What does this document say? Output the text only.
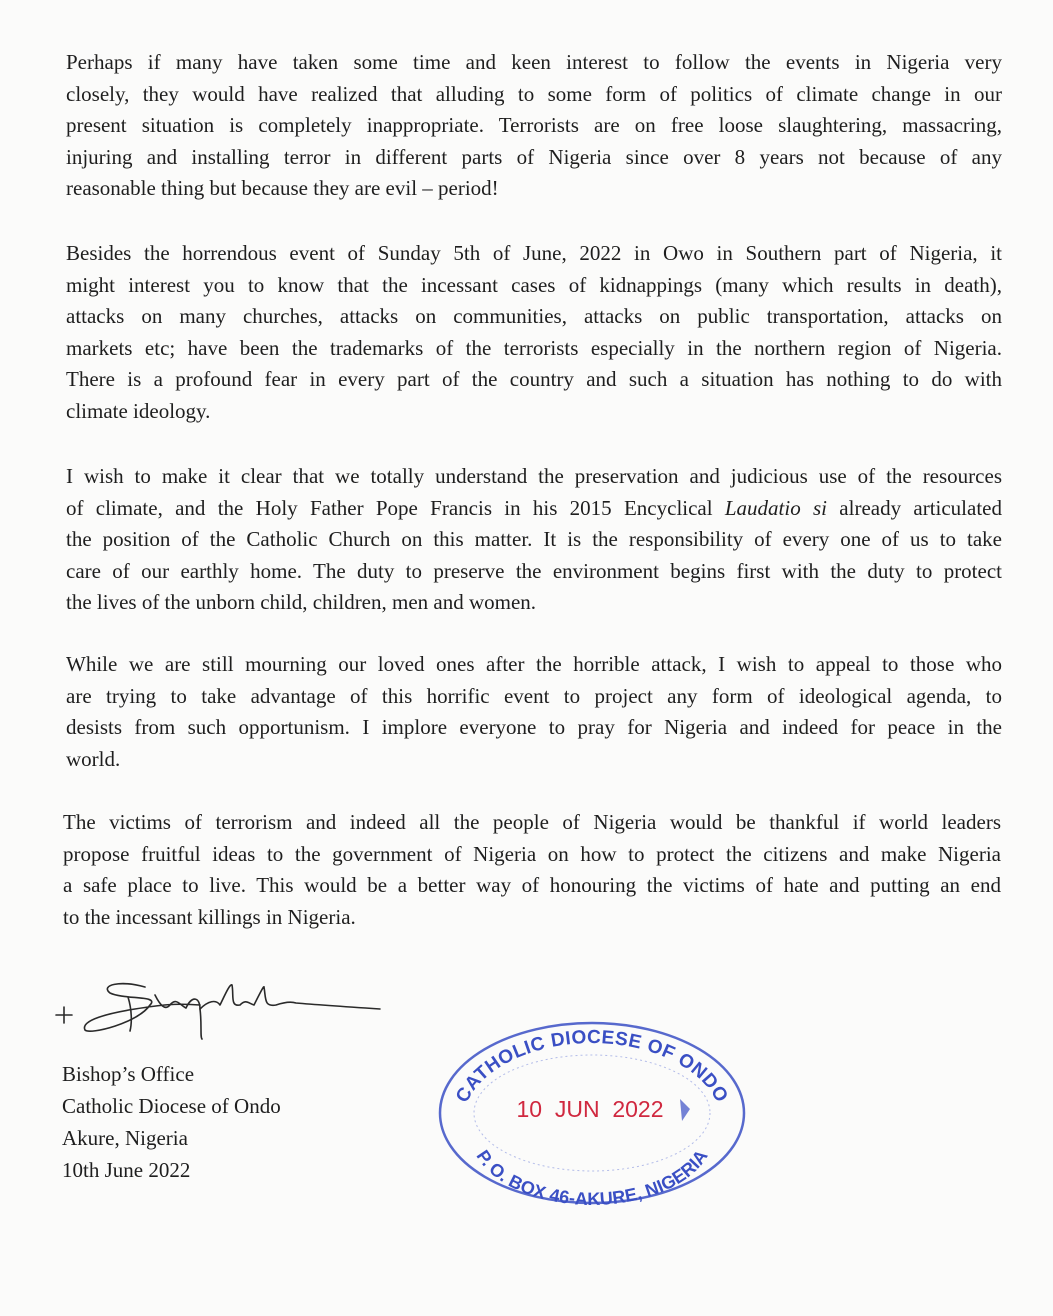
Perhaps if many have taken some time and keen interest to follow the events in Nigeria very
closely, they would have realized that alluding to some form of politics of climate change in our
present situation is completely inappropriate. Terrorists are on free loose slaughtering, massacring,
injuring and installing terror in different parts of Nigeria since over 8 years not because of any
reasonable thing but because they are evil – period!
Besides the horrendous event of Sunday 5th of June, 2022 in Owo in Southern part of Nigeria, it
might interest you to know that the incessant cases of kidnappings (many which results in death),
attacks on many churches, attacks on communities, attacks on public transportation, attacks on
markets etc; have been the trademarks of the terrorists especially in the northern region of Nigeria.
There is a profound fear in every part of the country and such a situation has nothing to do with
climate ideology.
I wish to make it clear that we totally understand the preservation and judicious use of the resources
of climate, and the Holy Father Pope Francis in his 2015 Encyclical Laudatio si already articulated
the position of the Catholic Church on this matter. It is the responsibility of every one of us to take
care of our earthly home. The duty to preserve the environment begins first with the duty to protect
the lives of the unborn child, children, men and women.
While we are still mourning our loved ones after the horrible attack, I wish to appeal to those who
are trying to take advantage of this horrific event to project any form of ideological agenda, to
desists from such opportunism. I implore everyone to pray for Nigeria and indeed for peace in the
world.
The victims of terrorism and indeed all the people of Nigeria would be thankful if world leaders
propose fruitful ideas to the government of Nigeria on how to protect the citizens and make Nigeria
a safe place to live. This would be a better way of honouring the victims of hate and putting an end
to the incessant killings in Nigeria.
Bishop’s Office
Catholic Diocese of Ondo
Akure, Nigeria
10th June 2022
CATHOLIC DIOCESE OF ONDO
P. O. BOX 46-AKURE, NIGERIA
10  JUN  2022
